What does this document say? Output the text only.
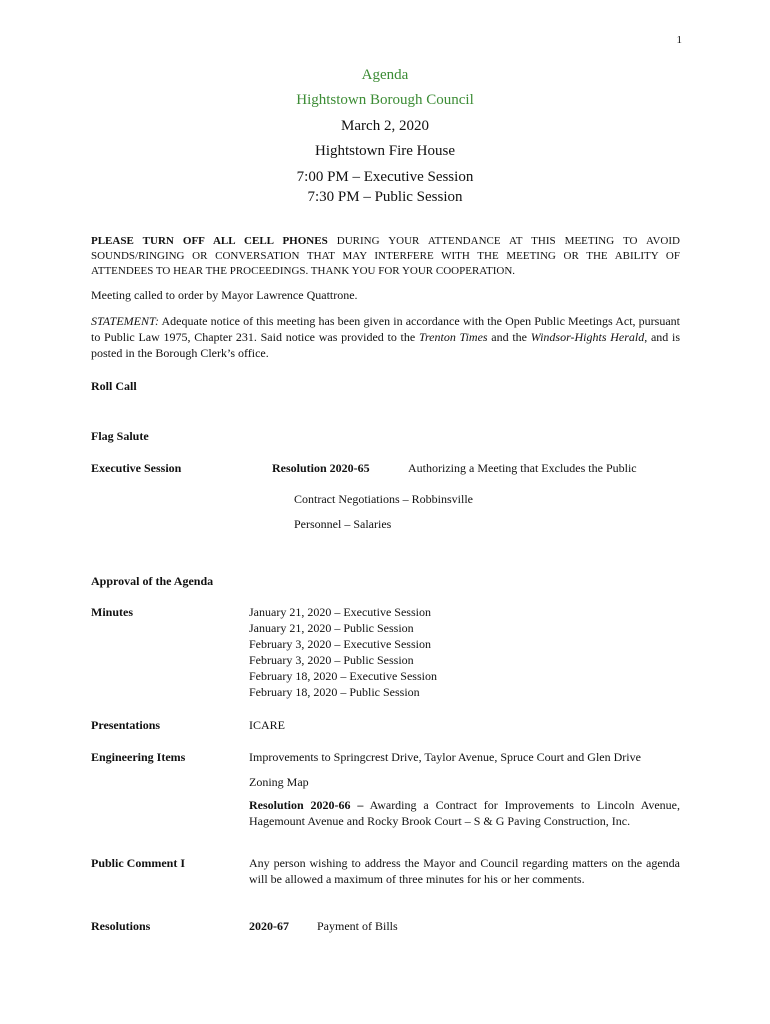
1
Agenda
Hightstown Borough Council
March 2, 2020
Hightstown Fire House
7:00 PM – Executive Session
7:30 PM – Public Session
PLEASE TURN OFF ALL CELL PHONES DURING YOUR ATTENDANCE AT THIS MEETING TO AVOID SOUNDS/RINGING OR CONVERSATION THAT MAY INTERFERE WITH THE MEETING OR THE ABILITY OF ATTENDEES TO HEAR THE PROCEEDINGS. THANK YOU FOR YOUR COOPERATION.
Meeting called to order by Mayor Lawrence Quattrone.
STATEMENT: Adequate notice of this meeting has been given in accordance with the Open Public Meetings Act, pursuant to Public Law 1975, Chapter 231. Said notice was provided to the Trenton Times and the Windsor-Hights Herald, and is posted in the Borough Clerk’s office.
Roll Call
Flag Salute
Executive Session	Resolution 2020-65	Authorizing a Meeting that Excludes the Public
Contract Negotiations – Robbinsville
Personnel – Salaries
Approval of the Agenda
Minutes	January 21, 2020 – Executive Session
January 21, 2020 – Public Session
February 3, 2020 – Executive Session
February 3, 2020 – Public Session
February 18, 2020 – Executive Session
February 18, 2020 – Public Session
Presentations	ICARE
Engineering Items	Improvements to Springcrest Drive, Taylor Avenue, Spruce Court and Glen Drive
Zoning Map
Resolution 2020-66 – Awarding a Contract for Improvements to Lincoln Avenue, Hagemount Avenue and Rocky Brook Court – S & G Paving Construction, Inc.
Public Comment I	Any person wishing to address the Mayor and Council regarding matters on the agenda will be allowed a maximum of three minutes for his or her comments.
Resolutions	2020-67 Payment of Bills
